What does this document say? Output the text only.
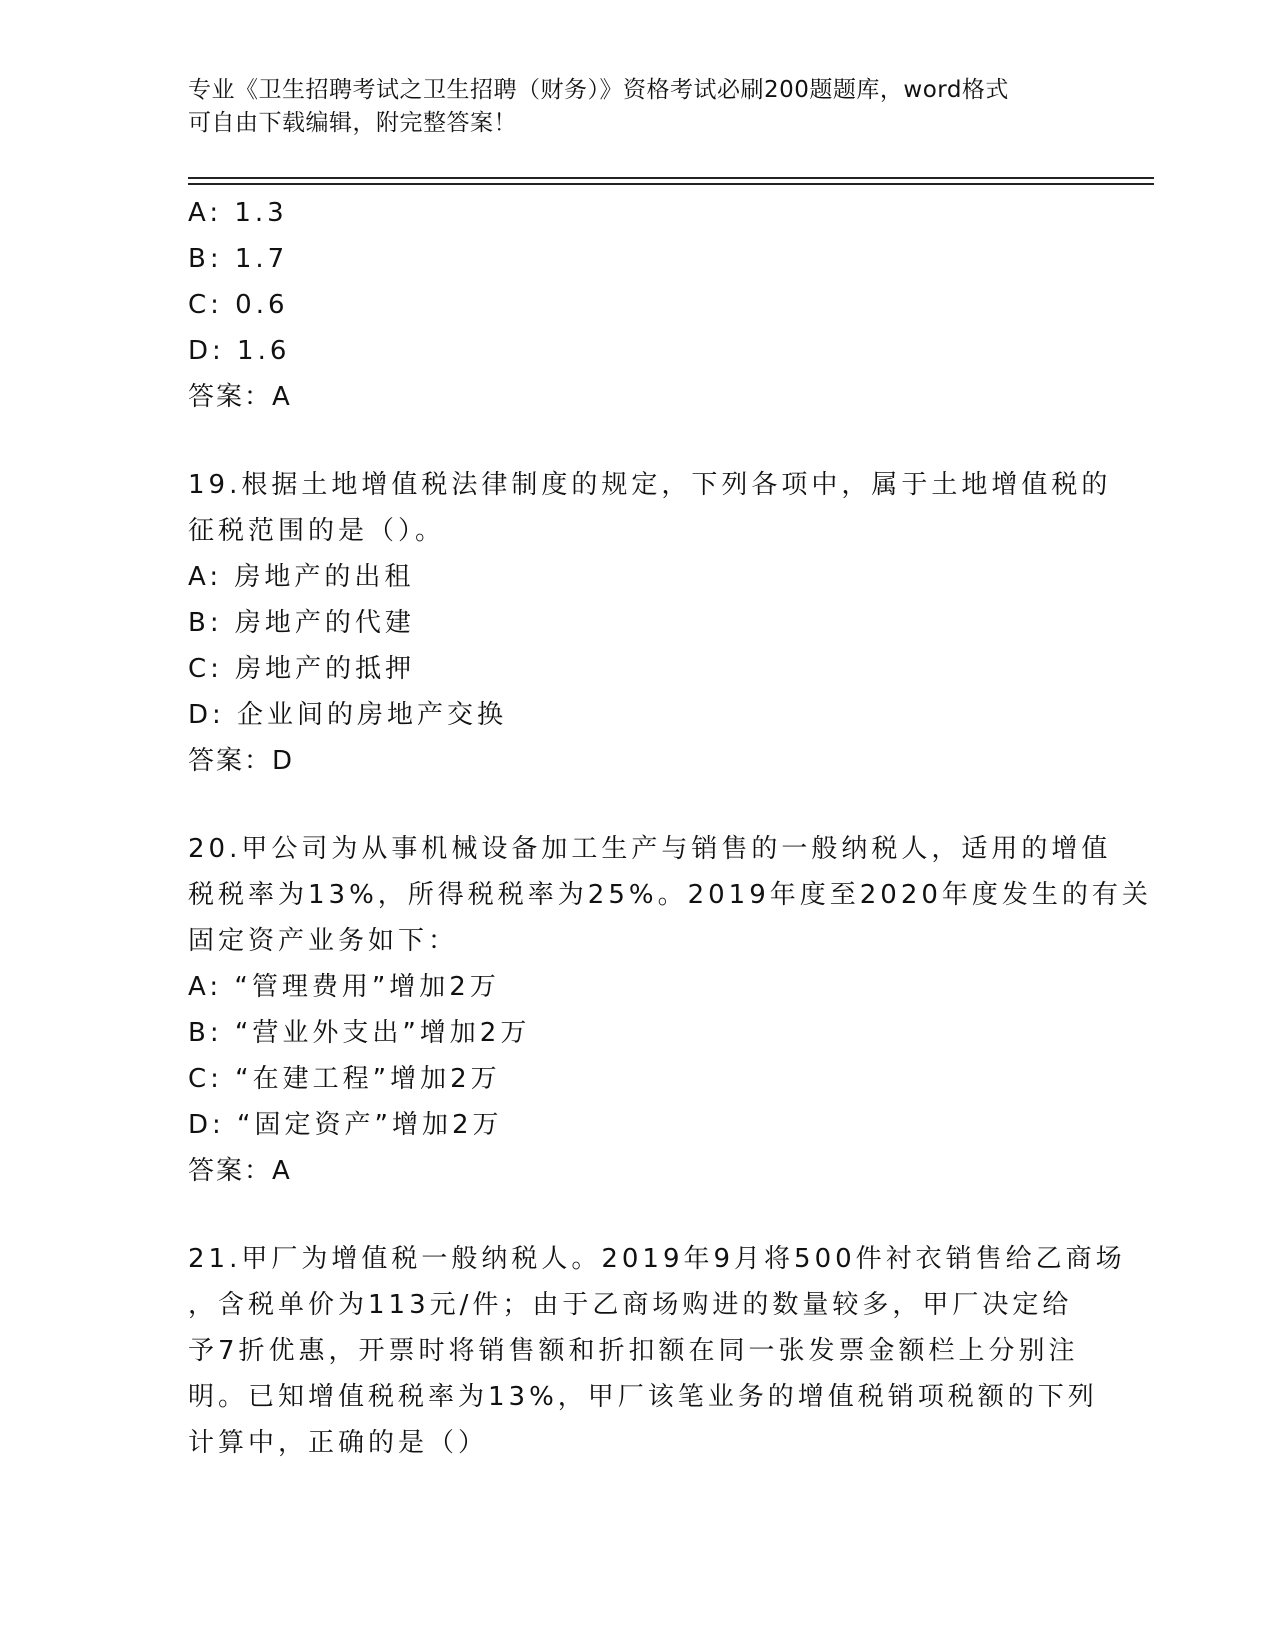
专业《卫生招聘考试之卫生招聘（财务）》资格考试必刷200题题库，word格式
可自由下载编辑，附完整答案！
A: 1.3
B: 1.7
C: 0.6
D: 1.6
答案：A
19.根据土地增值税法律制度的规定，下列各项中，属于土地增值税的
征税范围的是（）。
A: 房地产的出租
B: 房地产的代建
C: 房地产的抵押
D: 企业间的房地产交换
答案：D
20.甲公司为从事机械设备加工生产与销售的一般纳税人，适用的增值
税税率为13%，所得税税率为25%。2019年度至2020年度发生的有关
固定资产业务如下：
A: “管理费用”增加2万
B: “营业外支出”增加2万
C: “在建工程”增加2万
D: “固定资产”增加2万
答案：A
21.甲厂为增值税一般纳税人。2019年9月将500件衬衣销售给乙商场
，含税单价为113元/件；由于乙商场购进的数量较多，甲厂决定给
予7折优惠，开票时将销售额和折扣额在同一张发票金额栏上分别注
明。已知增值税税率为13%，甲厂该笔业务的增值税销项税额的下列
计算中，正确的是（）
